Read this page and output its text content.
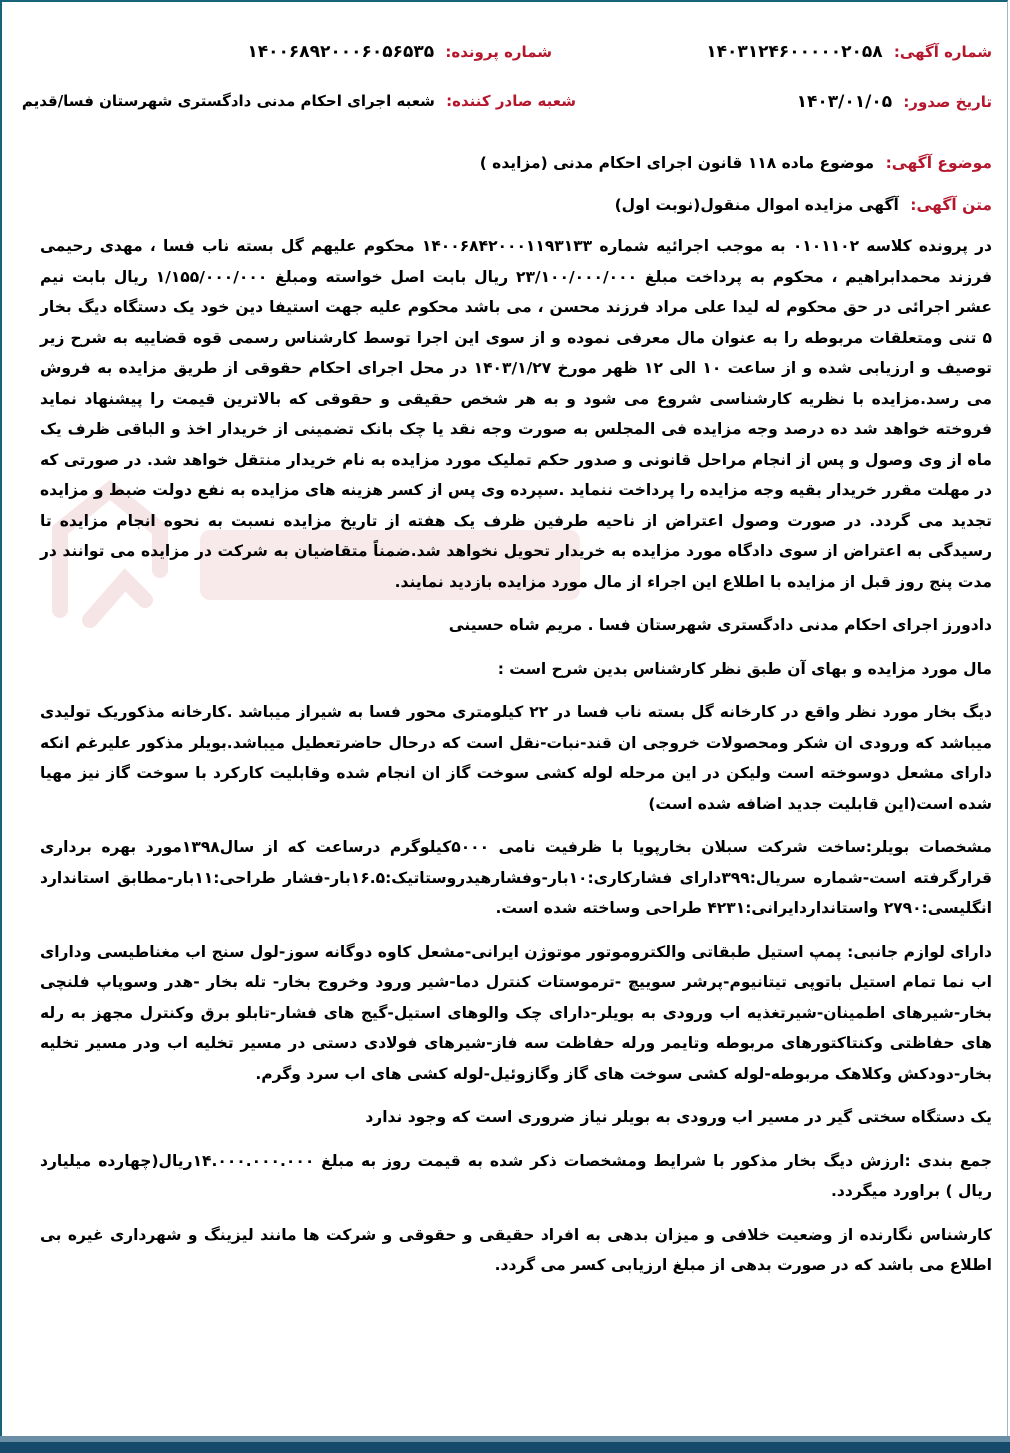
شماره آگهی: ۱۴۰۳۱۲۴۶۰۰۰۰۰۲۰۵۸
شماره پرونده: ۱۴۰۰۶۸۹۲۰۰۰۶۰۵۶۵۳۵
تاریخ صدور: ۱۴۰۳/۰۱/۰۵
شعبه صادر کننده: شعبه اجرای احکام مدنی دادگستری شهرستان فسا/قدیم

موضوع آگهی: موضوع ماده ۱۱۸ قانون اجرای احکام مدنی (مزایده )

متن آگهی: آگهی مزایده اموال منقول(نوبت اول)

در پرونده کلاسه ۰۱۰۱۱۰۲ به موجب اجرائیه شماره ۱۴۰۰۶۸۴۲۰۰۰۱۱۹۳۱۳۳ محکوم علیهم گل بسته ناب فسا ، مهدی رحیمی فرزند محمدابراهیم ، محکوم به پرداخت مبلغ ۲۳/۱۰۰/۰۰۰/۰۰۰ ریال بابت اصل خواسته ومبلغ ۱/۱۵۵/۰۰۰/۰۰۰ ریال بابت نیم عشر اجرائی در حق محکوم له لیدا علی مراد فرزند محسن ، می باشد محکوم علیه جهت استیفا دین خود یک دستگاه دیگ بخار ۵ تنی ومتعلقات مربوطه را به عنوان مال معرفی نموده و از سوی این اجرا توسط کارشناس رسمی قوه قضاییه به شرح زیر توصیف و ارزیابی شده و از ساعت ۱۰ الی ۱۲ ظهر مورخ ۱۴۰۳/۱/۲۷ در محل اجرای احکام حقوقی از طریق مزایده به فروش می رسد.مزایده با نظریه کارشناسی شروع می شود و به هر شخص حقیقی و حقوقی که بالاترین قیمت را پیشنهاد نماید فروخته خواهد شد ده درصد وجه مزایده فی المجلس به صورت وجه نقد یا چک بانک تضمینی از خریدار اخذ و الباقی ظرف یک ماه از وی وصول و پس از انجام مراحل قانونی و صدور حکم تملیک مورد مزایده به نام خریدار منتقل خواهد شد. در صورتی که در مهلت مقرر خریدار بقیه وجه مزایده را پرداخت ننماید .سپرده وی پس از کسر هزینه های مزایده به نفع دولت ضبط و مزایده تجدید می گردد. در صورت وصول اعتراض از ناحیه طرفین ظرف یک هفته از تاریخ مزایده نسبت به نحوه انجام مزایده تا رسیدگی به اعتراض از سوی دادگاه مورد مزایده به خریدار تحویل نخواهد شد.ضمناً متقاضیان به شرکت در مزایده می توانند در مدت پنج روز قبل از مزایده با اطلاع این اجراء از مال مورد مزایده بازدید نمایند.

دادورز اجرای احکام مدنی دادگستری شهرستان فسا . مریم شاه حسینی

مال مورد مزایده و بهای آن طبق نظر کارشناس بدین شرح است :

دیگ بخار مورد نظر واقع در کارخانه گل بسته ناب فسا در ۲۲ کیلومتری محور فسا به شیراز میباشد .کارخانه مذکوریک تولیدی میباشد که ورودی ان شکر ومحصولات خروجی ان قند-نبات-نقل است که درحال حاضرتعطیل میباشد.بویلر مذکور علیرغم انکه دارای مشعل دوسوخته است ولیکن در این مرحله لوله کشی سوخت گاز ان انجام شده وقابلیت کارکرد با سوخت گاز نیز مهیا شده است(این قابلیت جدید اضافه شده است)

مشخصات بویلر:ساخت شرکت سبلان بخارپویا با ظرفیت نامی ۵۰۰۰کیلوگرم درساعت که از سال۱۳۹۸مورد بهره برداری قرارگرفته است-شماره سریال:۳۹۹دارای فشارکاری:۱۰بار-وفشارهیدروستاتیک:۱۶.۵بار-فشار طراحی:۱۱بار-مطابق استاندارد انگلیسی:۲۷۹۰ واستانداردایرانی:۴۲۳۱ طراحی وساخته شده است.

دارای لوازم جانبی: پمپ استیل طبقاتی والکتروموتور موتوژن ایرانی-مشعل کاوه دوگانه سوز-لول سنج اب مغناطیسی ودارای اب نما تمام استیل باتوپی تیتانیوم-پرشر سوییچ -ترموستات کنترل دما-شیر ورود وخروج بخار- تله بخار -هدر وسوپاپ فلنچی بخار-شیرهای اطمینان-شیرتغذیه اب ورودی به بویلر-دارای چک والوهای استیل-گیج های فشار-تابلو برق وکنترل مجهز به رله های حفاظتی وکنتاکتورهای مربوطه وتایمر ورله حفاظت سه فاز-شیرهای فولادی دستی در مسیر تخلیه اب ودر مسیر تخلیه بخار-دودکش وکلاهک مربوطه-لوله کشی سوخت های گاز وگازوئیل-لوله کشی های اب سرد وگرم.

یک دستگاه سختی گیر در مسیر اب ورودی به بویلر نیاز ضروری است که وجود ندارد

جمع بندی :ارزش دیگ بخار مذکور با شرایط ومشخصات ذکر شده به قیمت روز به مبلغ ۱۴.۰۰۰.۰۰۰.۰۰۰ریال(چهارده میلیارد ریال ) براورد میگردد.

کارشناس نگارنده از وضعیت خلافی و میزان بدهی به افراد حقیقی و حقوقی و شرکت ها مانند لیزینگ و شهرداری غیره بی اطلاع می باشد که در صورت بدهی از مبلغ ارزیابی کسر می گردد.
